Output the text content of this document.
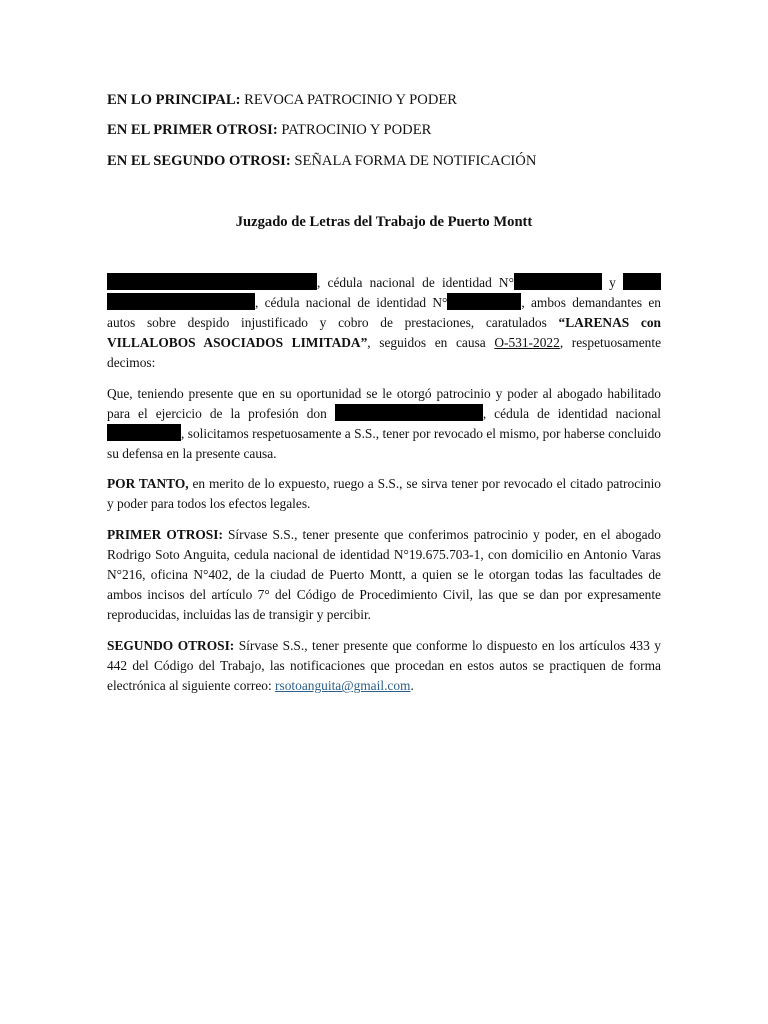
EN LO PRINCIPAL: REVOCA PATROCINIO Y PODER
EN EL PRIMER OTROSI: PATROCINIO Y PODER
EN EL SEGUNDO OTROSI: SEÑALA FORMA DE NOTIFICACIÓN
Juzgado de Letras del Trabajo de Puerto Montt

, cédula nacional de identidad N°	y  , cédula nacional de identidad N°	, ambos demandantes en autos sobre despido injustificado y cobro de prestaciones, caratulados “LARENAS con VILLALOBOS ASOCIADOS LIMITADA”, seguidos en causa O-531-2022, respetuosamente decimos:

Que, teniendo presente que en su oportunidad se le otorgó patrocinio y poder al abogado habilitado para el ejercicio de la profesión don	, cédula de identidad nacional , solicitamos respetuosamente a S.S., tener por revocado el mismo, por haberse concluido su defensa en la presente causa.

POR TANTO, en merito de lo expuesto, ruego a S.S., se sirva tener por revocado el citado patrocinio y poder para todos los efectos legales.

PRIMER OTROSI: Sírvase S.S., tener presente que conferimos patrocinio y poder, en el abogado Rodrigo Soto Anguita, cedula nacional de identidad N°19.675.703-1, con domicilio en Antonio Varas N°216, oficina N°402, de la ciudad de Puerto Montt, a quien se le otorgan todas las facultades de ambos incisos del artículo 7° del Código de Procedimiento Civil, las que se dan por expresamente reproducidas, incluidas las de transigir y percibir.

SEGUNDO OTROSI: Sírvase S.S., tener presente que conforme lo dispuesto en los artículos 433 y 442 del Código del Trabajo, las notificaciones que procedan en estos autos se practiquen de forma electrónica al siguiente correo: rsotoanguita@gmail.com.
